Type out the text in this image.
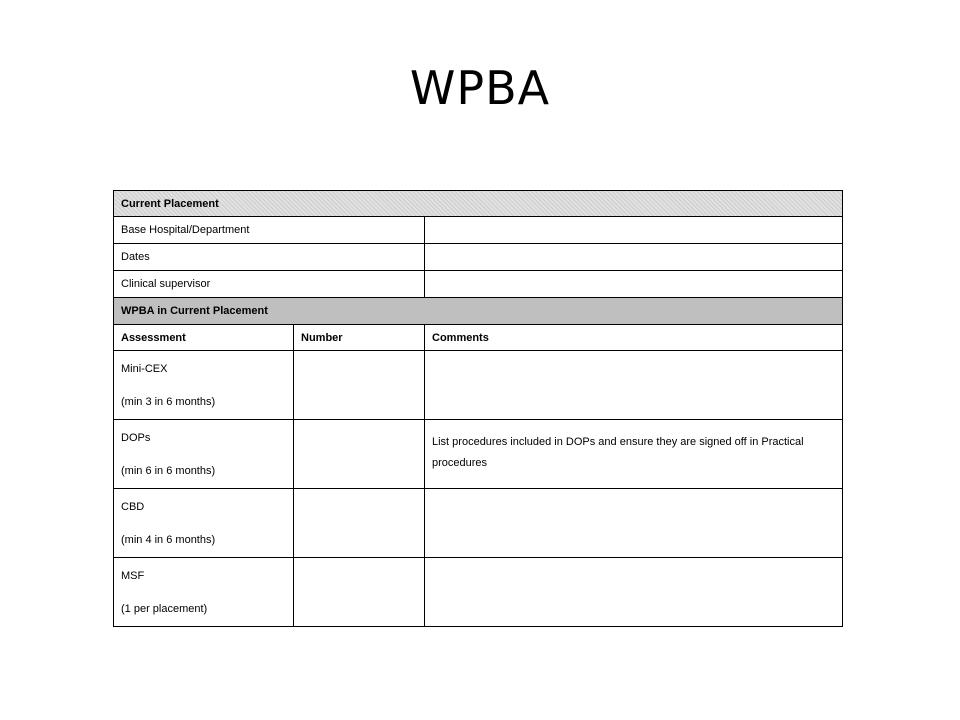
WPBA
Current Placement		
Base Hospital/Department		
Dates		
Clinical supervisor		
WPBA in Current Placement		
Assessment	Number	Comments

Mini-CEX
(min 3 in 6 months)		

DOPs
(min 6 in 6 months)		List procedures included in DOPs and ensure they are signed off in Practical procedures

CBD
(min 4 in 6 months)		

MSF
(1 per placement)		
